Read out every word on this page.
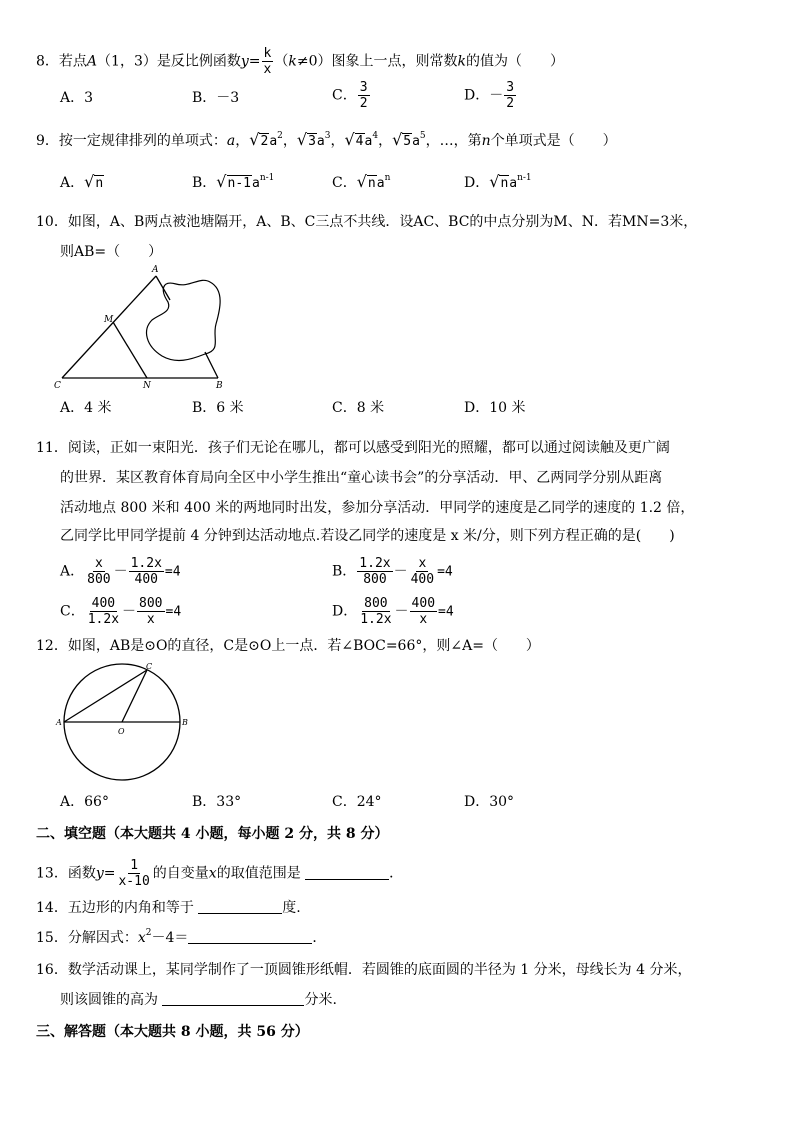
8．若点A（1，3）是反比例函数$y= \frac{k}{x} (k\ne 0)$图象上一点，则常数k的值为（　　）
A．3	B．－3	C． $\frac{3}{2}$	D．－ $\frac{3}{2}$
9．按一定规律排列的单项式：a，$√2a^2$，$√3a^3$，$√4a^4$，$√5a^5$，…，第n个单项式是（　　）
A．√n	B．$√n-1a^{n-1}$	C．$√na^n$	D．$√na^{n-1}$
10．如图，A、B两点被池塘隔开，A、B、C三点不共线．设AC、BC的中点分别为M、N．若MN=3米，
则AB=（　　）
A
M
C	N	B
A．4 米	B．6 米	C．8 米	D．10 米
11．阅读，正如一束阳光．孩子们无论在哪儿，都可以感受到阳光的照耀，都可以通过阅读触及更广阔
的世界．某区教育体育局向全区中小学生推出“童心读书会”的分享活动．甲、乙两同学分别从距离
活动地点 800 米和 400 米的两地同时出发，参加分享活动．甲同学的速度是乙同学的速度的 1.2 倍，
乙同学比甲同学提前 4 分钟到达活动地点.若设乙同学的速度是 x 米/分，则下列方程正确的是(　　)
A． $\frac{x}{800} - \frac{1.2x}{400} =4$	B． $\frac{1.2x}{800} - \frac{x}{400} =4$
C． $\frac{400}{1.2x} - \frac{800}{x} =4$	D． $\frac{800}{1.2x} - \frac{400}{x} =4$
12．如图，AB是⊙O的直径，C是⊙O上一点．若∠BOC=66°，则∠A=（　　）
A	B
C
O
A．66°	B．33°	C．24°	D．30°
二、填空题（本大题共 4 小题，每小题 2 分，共 8 分）
13．函数$y= \frac{1}{x-10}$ 的自变量x的取值范围是	．
14．五边形的内角和等于	度.
15．分解因式：$x^2-4=$	．
16．数学活动课上，某同学制作了一顶圆锥形纸帽．若圆锥的底面圆的半径为 1 分米，母线长为 4 分米，
则该圆锥的高为	分米.
三、解答题（本大题共 8 小题，共 56 分）
